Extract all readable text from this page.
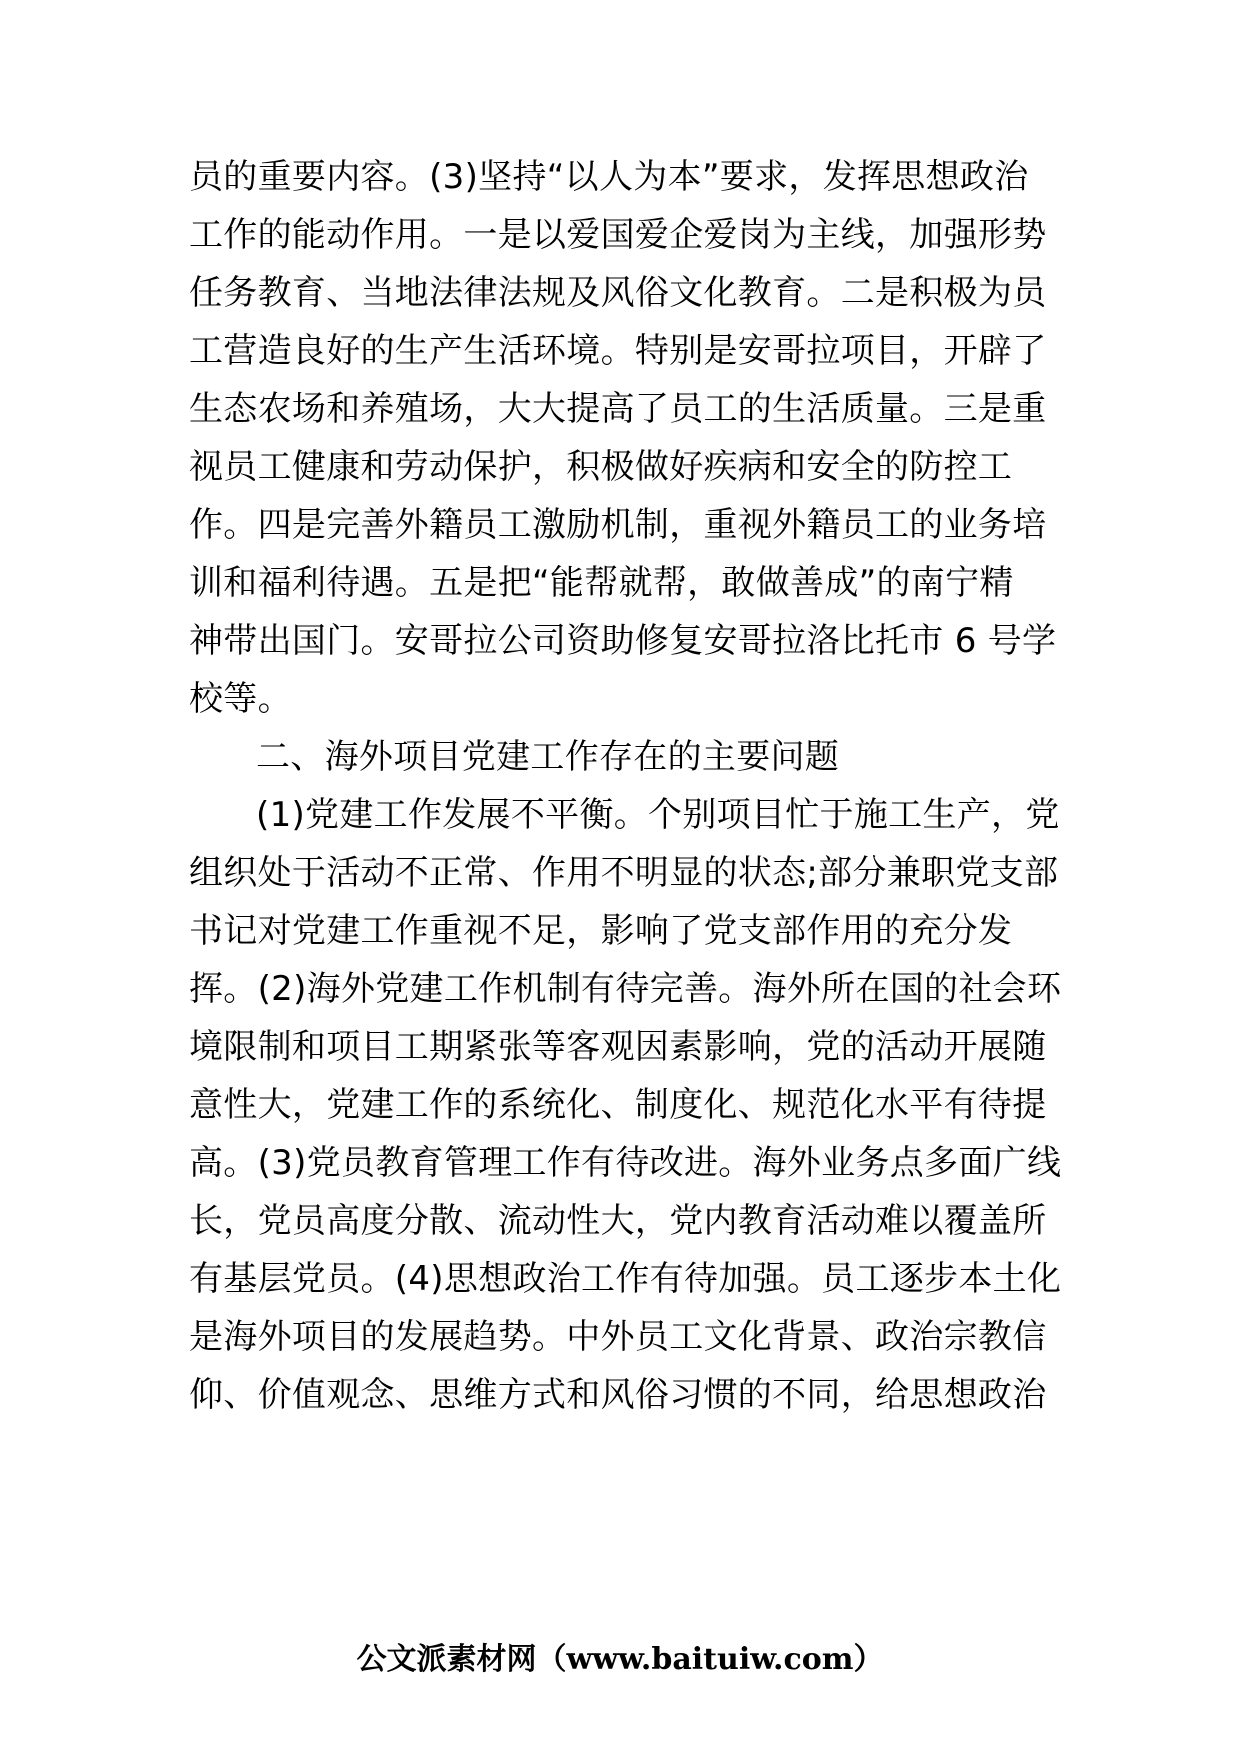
员的重要内容。(3)坚持“以人为本”要求，发挥思想政治
工作的能动作用。一是以爱国爱企爱岗为主线，加强形势
任务教育、当地法律法规及风俗文化教育。二是积极为员
工营造良好的生产生活环境。特别是安哥拉项目，开辟了
生态农场和养殖场，大大提高了员工的生活质量。三是重
视员工健康和劳动保护，积极做好疾病和安全的防控工
作。四是完善外籍员工激励机制，重视外籍员工的业务培
训和福利待遇。五是把“能帮就帮，敢做善成”的南宁精
神带出国门。安哥拉公司资助修复安哥拉洛比托市 6 号学
校等。
二、海外项目党建工作存在的主要问题
(1)党建工作发展不平衡。个别项目忙于施工生产，党
组织处于活动不正常、作用不明显的状态;部分兼职党支部
书记对党建工作重视不足，影响了党支部作用的充分发
挥。(2)海外党建工作机制有待完善。海外所在国的社会环
境限制和项目工期紧张等客观因素影响，党的活动开展随
意性大，党建工作的系统化、制度化、规范化水平有待提
高。(3)党员教育管理工作有待改进。海外业务点多面广线
长，党员高度分散、流动性大，党内教育活动难以覆盖所
有基层党员。(4)思想政治工作有待加强。员工逐步本土化
是海外项目的发展趋势。中外员工文化背景、政治宗教信
仰、价值观念、思维方式和风俗习惯的不同，给思想政治
公文派素材网（www.baituiw.com）
